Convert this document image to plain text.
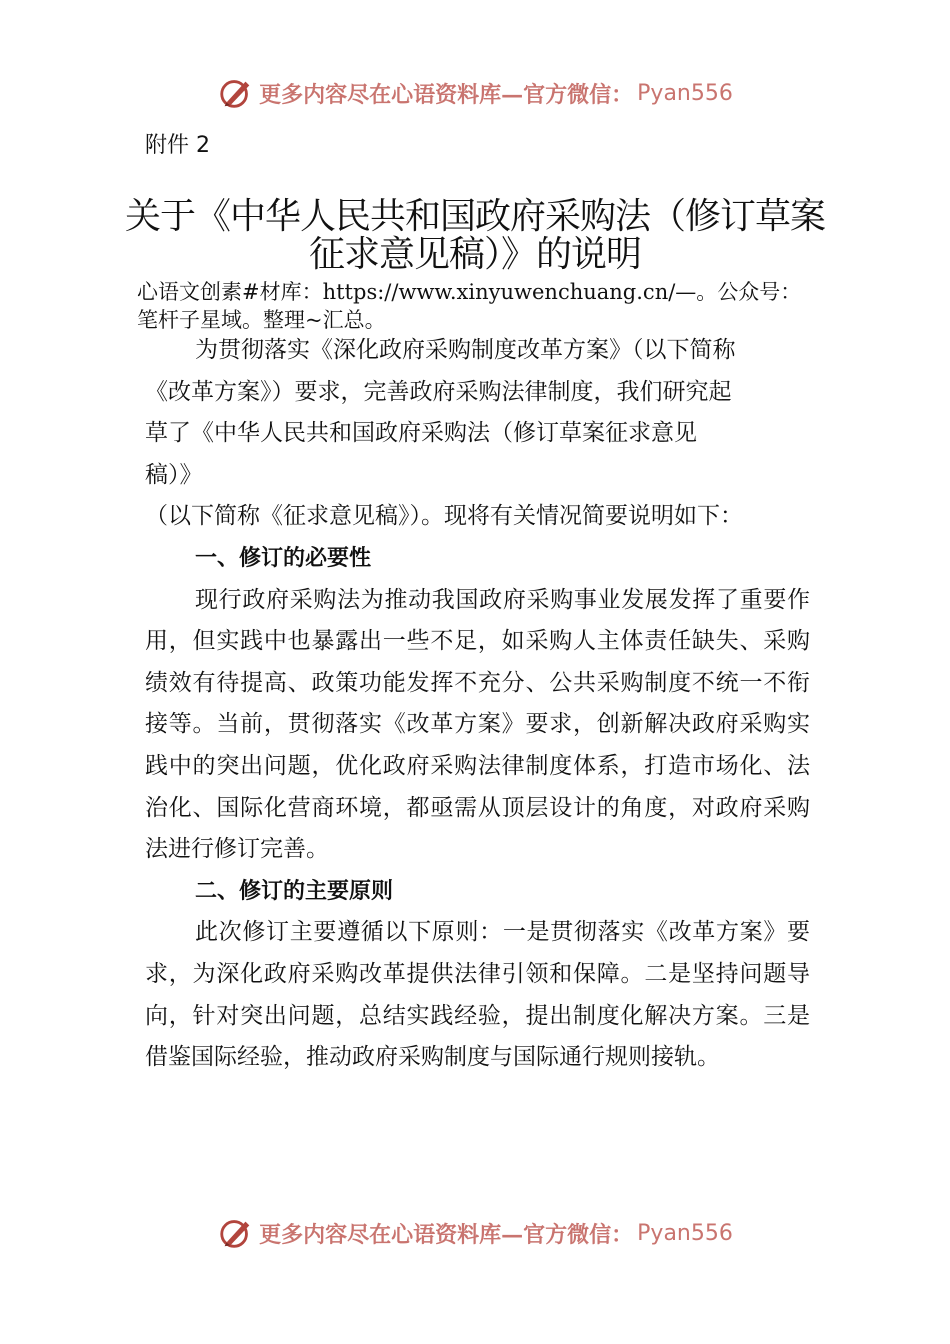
更多内容尽在心语资料库—官方微信： Pyan556
附件 2
关于《中华人民共和国政府采购法（修订草案征求意见稿）》的说明
心语文创素#材库：https://www.xinyuwenchuang.cn/—。公众号：笔杆子星域。整理~汇总。

为贯彻落实《深化政府采购制度改革方案》（以下简称

《改革方案》）要求，完善政府采购法律制度，我们研究起

草了《中华人民共和国政府采购法（修订草案征求意见

稿）》

（以下简称《征求意见稿》）。现将有关情况简要说明如下：

一、修订的必要性

现行政府采购法为推动我国政府采购事业发展发挥了重要作用，但实践中也暴露出一些不足，如采购人主体责任缺失、采购绩效有待提高、政策功能发挥不充分、公共采购制度不统一不衔接等。当前，贯彻落实《改革方案》要求，创新解决政府采购实践中的突出问题，优化政府采购法律制度体系，打造市场化、法治化、国际化营商环境，都亟需从顶层设计的角度，对政府采购法进行修订完善。

二、修订的主要原则

此次修订主要遵循以下原则：一是贯彻落实《改革方案》要求，为深化政府采购改革提供法律引领和保障。二是坚持问题导向，针对突出问题，总结实践经验，提出制度化解决方案。三是借鉴国际经验，推动政府采购制度与国际通行规则接轨。

更多内容尽在心语资料库—官方微信： Pyan556
